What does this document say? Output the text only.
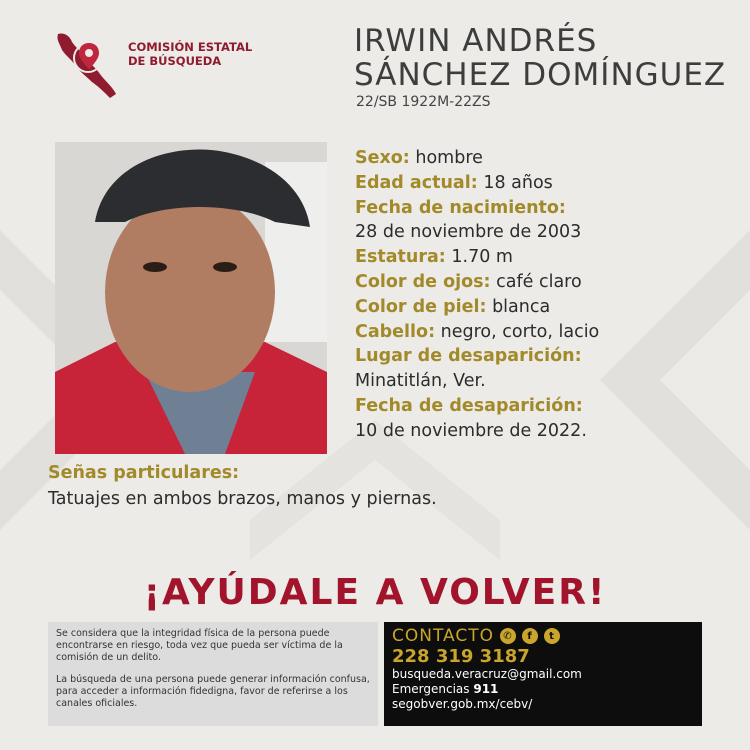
COMISIÓN ESTATAL
DE BÚSQUEDA
IRWIN ANDRÉS
SÁNCHEZ DOMÍNGUEZ
22/SB 1922M-22ZS
Sexo: hombre
Edad actual: 18 años
Fecha de nacimiento:
28 de noviembre de 2003
Estatura: 1.70 m
Color de ojos: café claro
Color de piel: blanca
Cabello: negro, corto, lacio
Lugar de desaparición:
Minatitlán, Ver.
Fecha de desaparición:
10 de noviembre de 2022.
Señas particulares:
Tatuajes en ambos brazos, manos y piernas.
¡AYÚDALE A VOLVER!

Se considera que la integridad física de la persona puede encontrarse en riesgo, toda vez que pueda ser víctima de la comisión de un delito.

La búsqueda de una persona puede generar información confusa, para acceder a información fidedigna, favor de referirse a los canales oficiales.

CONTACTO ✆	f	t
228 319 3187
busqueda.veracruz@gmail.com
Emergencias 911
segobver.gob.mx/cebv/
